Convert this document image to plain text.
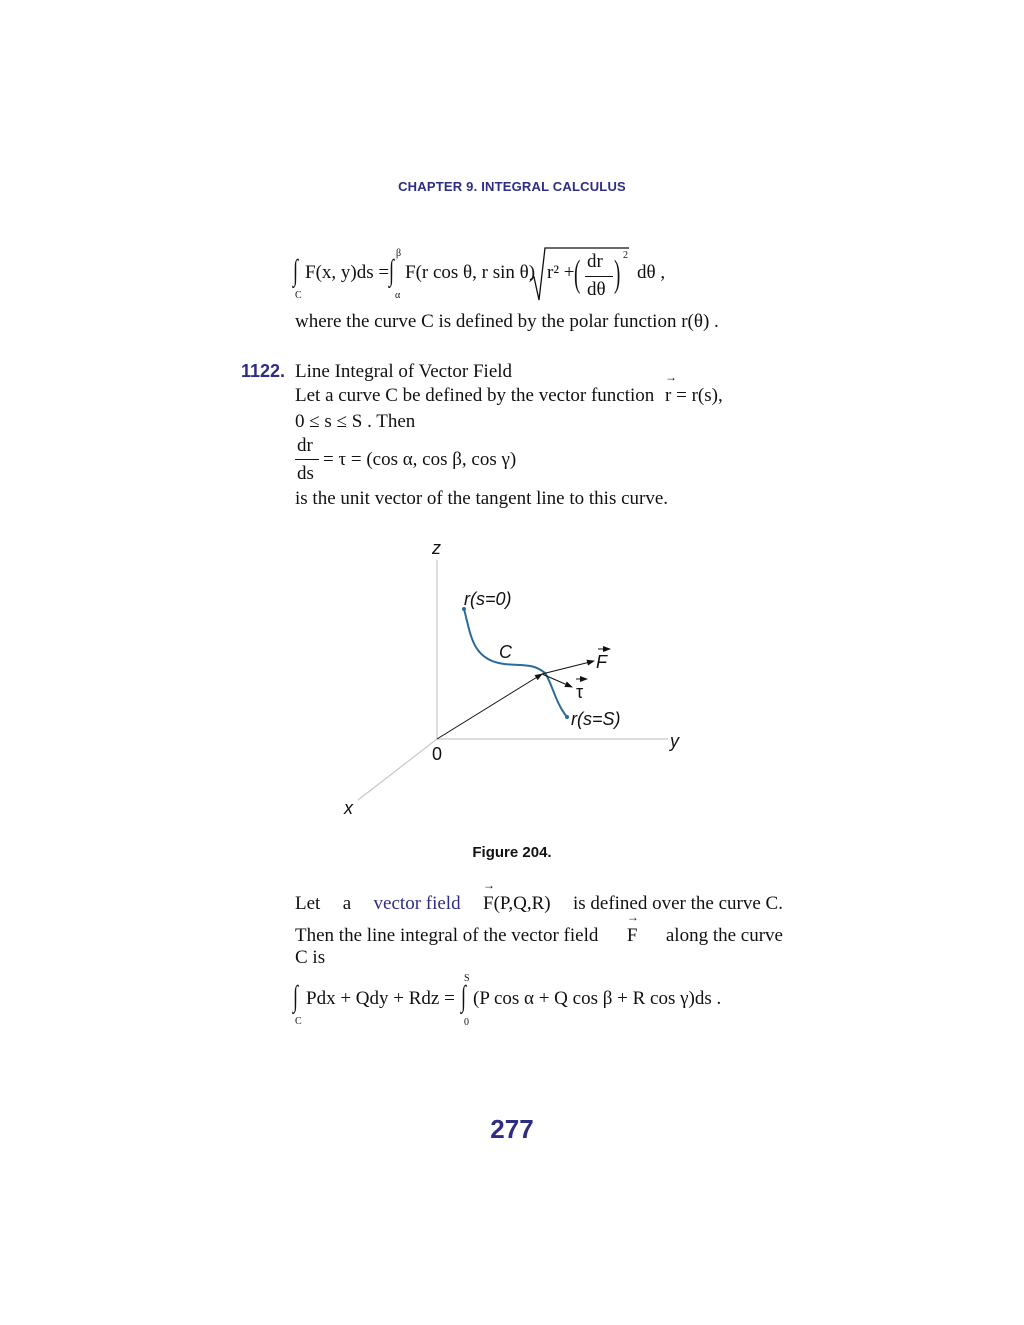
CHAPTER 9. INTEGRAL CALCULUS
∫
C
F(x, y)ds = ∫
β
α
F(r cos θ, r sin θ) r² + ( dr
dθ ) 2
dθ ,
where the curve C is defined by the polar function r(θ) .
1122. Line Integral of Vector Field
Let a curve C be defined by the vector function → r = r(s),
0 ≤ s ≤ S . Then
dr
ds
= τ = (cos α, cos β, cos γ)
is the unit vector of the tangent line to this curve.
z
y
x
0
r(s=0)
r(s=S)
C	F
τ
Figure 204.
Let a vector field → F(P,Q,R) is defined over the curve C.
Then the line integral of the vector field → F along the curve
C is
∫
C
Pdx + Qdy + Rdz = ∫
S
0
(P cos α + Q cos β + R cos γ)ds .
277
